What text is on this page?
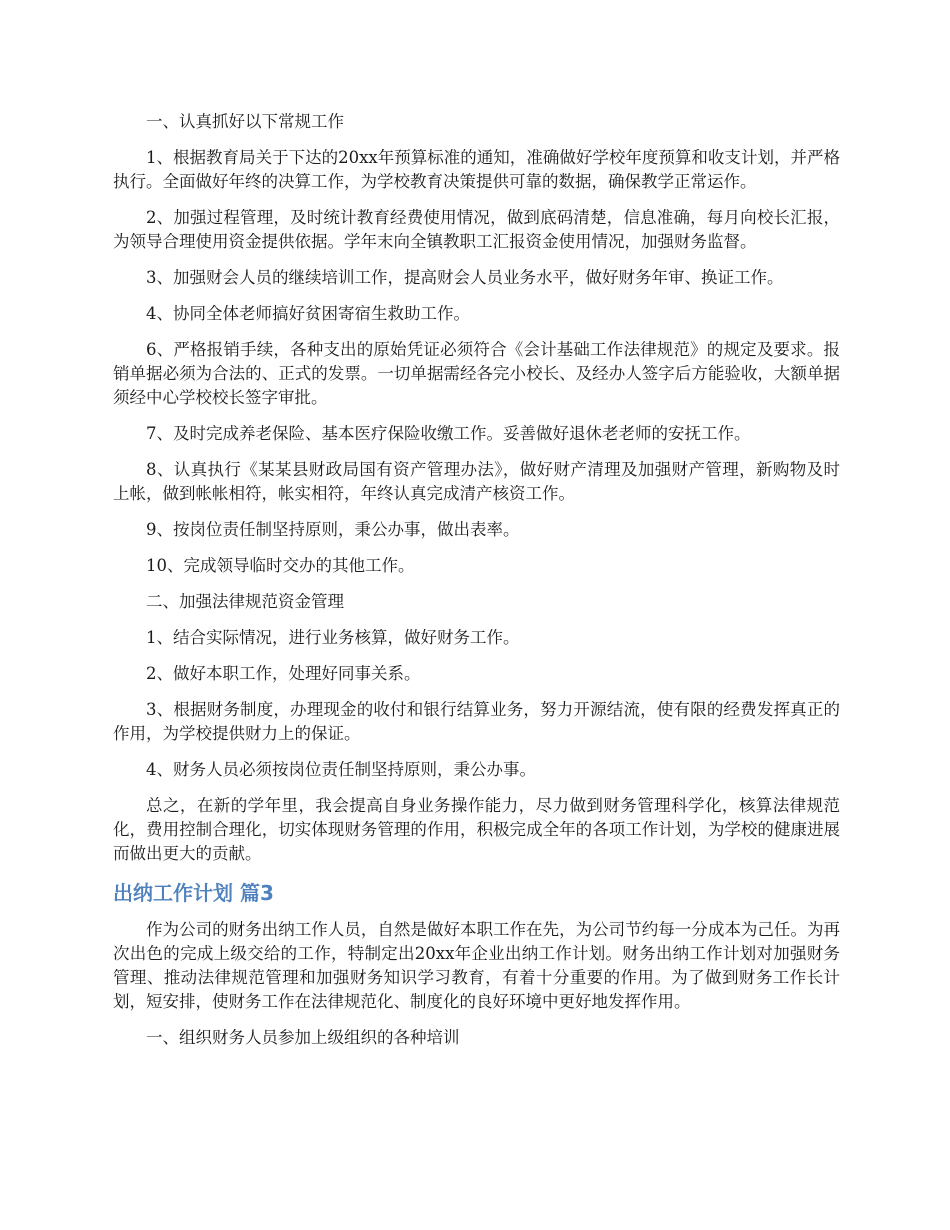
一、认真抓好以下常规工作

1、根据教育局关于下达的20xx年预算标准的通知，准确做好学校年度预算和收支计划，并严格执行。全面做好年终的决算工作，为学校教育决策提供可靠的数据，确保教学正常运作。

2、加强过程管理，及时统计教育经费使用情况，做到底码清楚，信息准确，每月向校长汇报，为领导合理使用资金提供依据。学年末向全镇教职工汇报资金使用情况，加强财务监督。

3、加强财会人员的继续培训工作，提高财会人员业务水平，做好财务年审、换证工作。

4、协同全体老师搞好贫困寄宿生救助工作。

6、严格报销手续，各种支出的原始凭证必须符合《会计基础工作法律规范》的规定及要求。报销单据必须为合法的、正式的发票。一切单据需经各完小校长、及经办人签字后方能验收，大额单据须经中心学校校长签字审批。

7、及时完成养老保险、基本医疗保险收缴工作。妥善做好退休老老师的安抚工作。

8、认真执行《某某县财政局国有资产管理办法》，做好财产清理及加强财产管理，新购物及时上帐，做到帐帐相符，帐实相符，年终认真完成清产核资工作。

9、按岗位责任制坚持原则，秉公办事，做出表率。

10、完成领导临时交办的其他工作。

二、加强法律规范资金管理

1、结合实际情况，进行业务核算，做好财务工作。

2、做好本职工作，处理好同事关系。

3、根据财务制度，办理现金的收付和银行结算业务，努力开源结流，使有限的经费发挥真正的作用，为学校提供财力上的保证。

4、财务人员必须按岗位责任制坚持原则，秉公办事。

总之，在新的学年里，我会提高自身业务操作能力，尽力做到财务管理科学化，核算法律规范化，费用控制合理化，切实体现财务管理的作用，积极完成全年的各项工作计划，为学校的健康进展而做出更大的贡献。

出纳工作计划 篇3

作为公司的财务出纳工作人员，自然是做好本职工作在先，为公司节约每一分成本为己任。为再次出色的完成上级交给的工作，特制定出20xx年企业出纳工作计划。财务出纳工作计划对加强财务管理、推动法律规范管理和加强财务知识学习教育，有着十分重要的作用。为了做到财务工作长计划，短安排，使财务工作在法律规范化、制度化的良好环境中更好地发挥作用。

一、组织财务人员参加上级组织的各种培训
